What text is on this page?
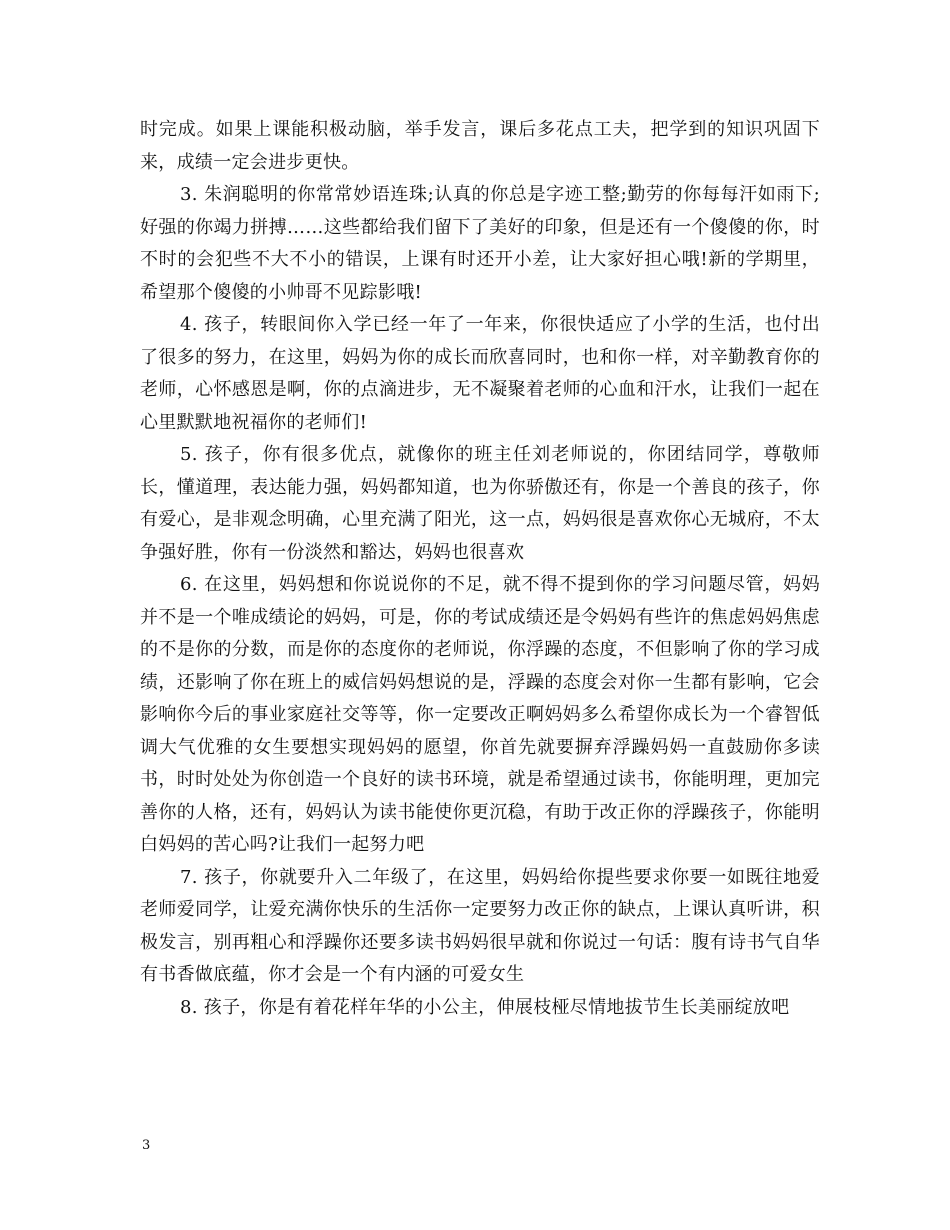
时完成。如果上课能积极动脑，举手发言，课后多花点工夫，把学到的知识巩固下来，成绩一定会进步更快。

3. 朱润聪明的你常常妙语连珠;认真的你总是字迹工整;勤劳的你每每汗如雨下;好强的你竭力拼搏……这些都给我们留下了美好的印象，但是还有一个傻傻的你，时不时的会犯些不大不小的错误，上课有时还开小差，让大家好担心哦!新的学期里，希望那个傻傻的小帅哥不见踪影哦!

4. 孩子，转眼间你入学已经一年了一年来，你很快适应了小学的生活，也付出了很多的努力，在这里，妈妈为你的成长而欣喜同时，也和你一样，对辛勤教育你的老师，心怀感恩是啊，你的点滴进步，无不凝聚着老师的心血和汗水，让我们一起在心里默默地祝福你的老师们!

5. 孩子，你有很多优点，就像你的班主任刘老师说的，你团结同学，尊敬师长，懂道理，表达能力强，妈妈都知道，也为你骄傲还有，你是一个善良的孩子，你有爱心，是非观念明确，心里充满了阳光，这一点，妈妈很是喜欢你心无城府，不太争强好胜，你有一份淡然和豁达，妈妈也很喜欢

6. 在这里，妈妈想和你说说你的不足，就不得不提到你的学习问题尽管，妈妈并不是一个唯成绩论的妈妈，可是，你的考试成绩还是令妈妈有些许的焦虑妈妈焦虑的不是你的分数，而是你的态度你的老师说，你浮躁的态度，不但影响了你的学习成绩，还影响了你在班上的威信妈妈想说的是，浮躁的态度会对你一生都有影响，它会影响你今后的事业家庭社交等等，你一定要改正啊妈妈多么希望你成长为一个睿智低调大气优雅的女生要想实现妈妈的愿望，你首先就要摒弃浮躁妈妈一直鼓励你多读书，时时处处为你创造一个良好的读书环境，就是希望通过读书，你能明理，更加完善你的人格，还有，妈妈认为读书能使你更沉稳，有助于改正你的浮躁孩子，你能明白妈妈的苦心吗?让我们一起努力吧

7. 孩子，你就要升入二年级了，在这里，妈妈给你提些要求你要一如既往地爱老师爱同学，让爱充满你快乐的生活你一定要努力改正你的缺点，上课认真听讲，积极发言，别再粗心和浮躁你还要多读书妈妈很早就和你说过一句话：腹有诗书气自华有书香做底蕴，你才会是一个有内涵的可爱女生

8. 孩子，你是有着花样年华的小公主，伸展枝桠尽情地拔节生长美丽绽放吧

3
